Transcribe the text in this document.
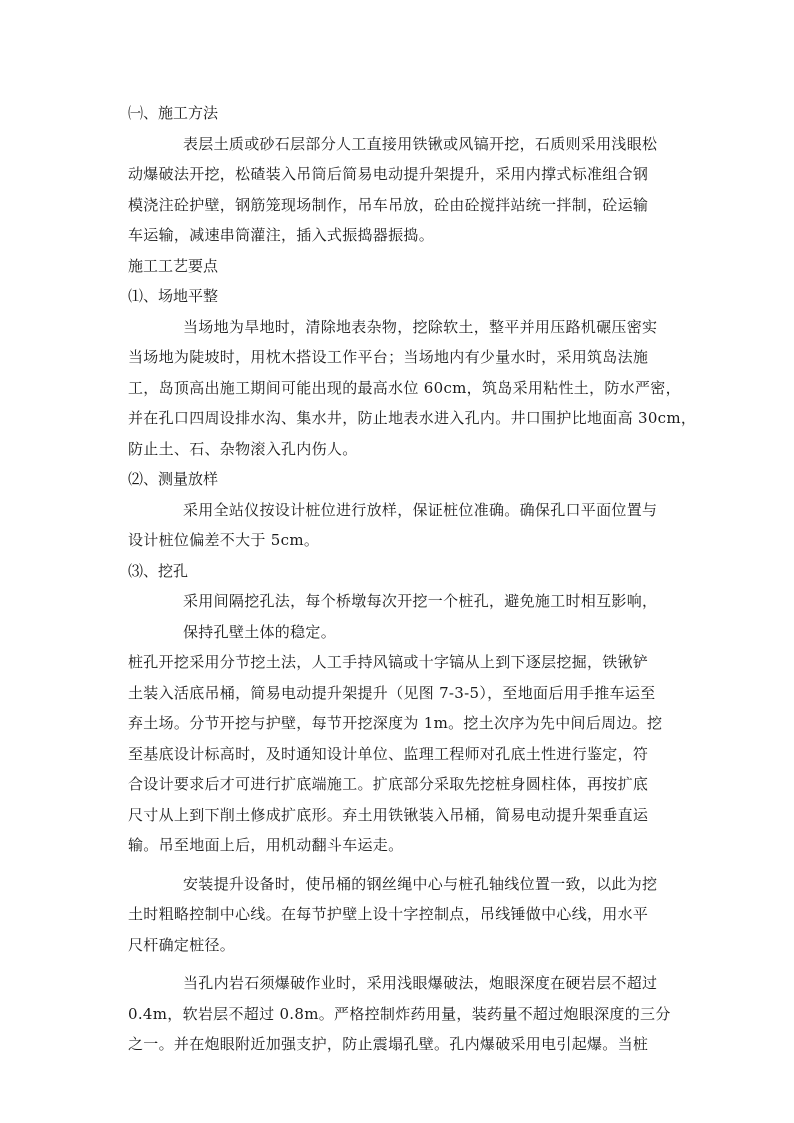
㈠、施工方法
表层土质或砂石层部分人工直接用铁锹或风镐开挖，石质则采用浅眼松
动爆破法开挖，松碴装入吊筒后简易电动提升架提升，采用内撑式标准组合钢
模浇注砼护壁，钢筋笼现场制作，吊车吊放，砼由砼搅拌站统一拌制，砼运输
车运输，减速串筒灌注，插入式振捣器振捣。
施工工艺要点
⑴、场地平整
当场地为旱地时，清除地表杂物，挖除软土，整平并用压路机碾压密实
当场地为陡坡时，用枕木搭设工作平台；当场地内有少量水时，采用筑岛法施
工，岛顶高出施工期间可能出现的最高水位 60cm，筑岛采用粘性土，防水严密，
并在孔口四周设排水沟、集水井，防止地表水进入孔内。井口围护比地面高 30cm，
防止土、石、杂物滚入孔内伤人。
⑵、测量放样
采用全站仪按设计桩位进行放样，保证桩位准确。确保孔口平面位置与
设计桩位偏差不大于 5cm。
⑶、挖孔
采用间隔挖孔法，每个桥墩每次开挖一个桩孔，避免施工时相互影响，
保持孔壁土体的稳定。
桩孔开挖采用分节挖土法，人工手持风镐或十字镐从上到下逐层挖掘，铁锹铲
土装入活底吊桶，简易电动提升架提升（见图 7-3-5），至地面后用手推车运至
弃土场。分节开挖与护壁，每节开挖深度为 1m。挖土次序为先中间后周边。挖
至基底设计标高时，及时通知设计单位、监理工程师对孔底土性进行鉴定，符
合设计要求后才可进行扩底端施工。扩底部分采取先挖桩身圆柱体，再按扩底
尺寸从上到下削土修成扩底形。弃土用铁锹装入吊桶，简易电动提升架垂直运
输。吊至地面上后，用机动翻斗车运走。
安装提升设备时，使吊桶的钢丝绳中心与桩孔轴线位置一致，以此为挖
土时粗略控制中心线。在每节护壁上设十字控制点，吊线锤做中心线，用水平
尺杆确定桩径。
当孔内岩石须爆破作业时，采用浅眼爆破法，炮眼深度在硬岩层不超过
0.4m，软岩层不超过 0.8m。严格控制炸药用量，装药量不超过炮眼深度的三分
之一。并在炮眼附近加强支护，防止震塌孔壁。孔内爆破采用电引起爆。当桩
